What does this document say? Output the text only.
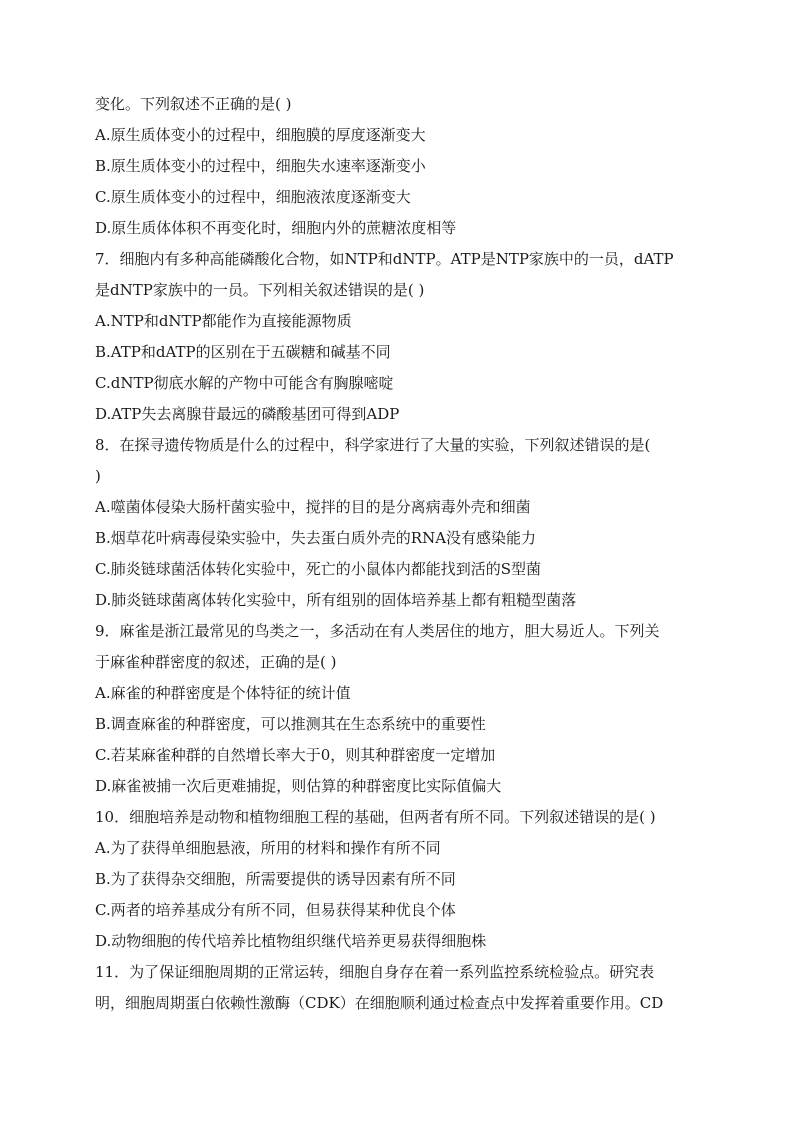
变化。下列叙述不正确的是( )
A.原生质体变小的过程中，细胞膜的厚度逐渐变大
B.原生质体变小的过程中，细胞失水速率逐渐变小
C.原生质体变小的过程中，细胞液浓度逐渐变大
D.原生质体体积不再变化时，细胞内外的蔗糖浓度相等
7．细胞内有多种高能磷酸化合物，如NTP和dNTP。ATP是NTP家族中的一员，dATP
是dNTP家族中的一员。下列相关叙述错误的是( )
A.NTP和dNTP都能作为直接能源物质
B.ATP和dATP的区别在于五碳糖和碱基不同
C.dNTP彻底水解的产物中可能含有胸腺嘧啶
D.ATP失去离腺苷最远的磷酸基团可得到ADP
8．在探寻遗传物质是什么的过程中，科学家进行了大量的实验，下列叙述错误的是(
)
A.噬菌体侵染大肠杆菌实验中，搅拌的目的是分离病毒外壳和细菌
B.烟草花叶病毒侵染实验中，失去蛋白质外壳的RNA没有感染能力
C.肺炎链球菌活体转化实验中，死亡的小鼠体内都能找到活的S型菌
D.肺炎链球菌离体转化实验中，所有组别的固体培养基上都有粗糙型菌落
9．麻雀是浙江最常见的鸟类之一，多活动在有人类居住的地方，胆大易近人。下列关
于麻雀种群密度的叙述，正确的是( )
A.麻雀的种群密度是个体特征的统计值
B.调查麻雀的种群密度，可以推测其在生态系统中的重要性
C.若某麻雀种群的自然增长率大于0，则其种群密度一定增加
D.麻雀被捕一次后更难捕捉，则估算的种群密度比实际值偏大
10．细胞培养是动物和植物细胞工程的基础，但两者有所不同。下列叙述错误的是( )
A.为了获得单细胞悬液，所用的材料和操作有所不同
B.为了获得杂交细胞，所需要提供的诱导因素有所不同
C.两者的培养基成分有所不同，但易获得某种优良个体
D.动物细胞的传代培养比植物组织继代培养更易获得细胞株
11．为了保证细胞周期的正常运转，细胞自身存在着一系列监控系统检验点。研究表
明，细胞周期蛋白依赖性激酶（CDK）在细胞顺利通过检查点中发挥着重要作用。CD
